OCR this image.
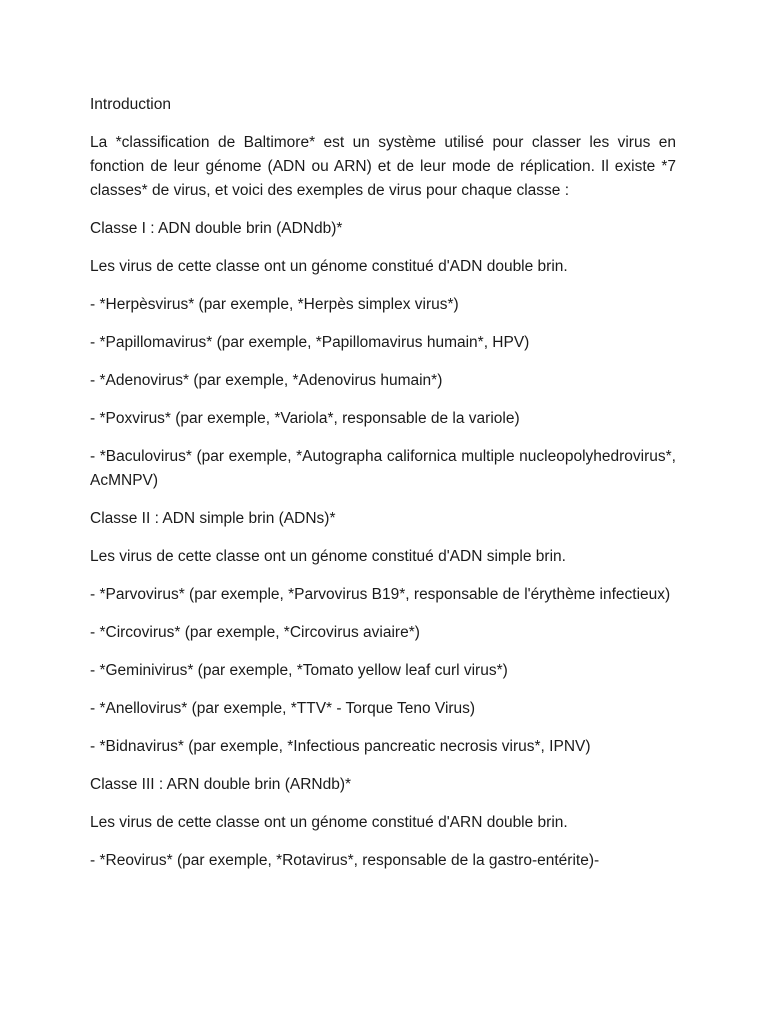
Introduction

La *classification de Baltimore* est un système utilisé pour classer les virus en fonction de leur génome (ADN ou ARN) et de leur mode de réplication. Il existe *7 classes* de virus, et voici des exemples de virus pour chaque classe :

Classe I : ADN double brin (ADNdb)*

Les virus de cette classe ont un génome constitué d'ADN double brin.

- *Herpèsvirus* (par exemple, *Herpès simplex virus*)

- *Papillomavirus* (par exemple, *Papillomavirus humain*, HPV)

- *Adenovirus* (par exemple, *Adenovirus humain*)

- *Poxvirus* (par exemple, *Variola*, responsable de la variole)

- *Baculovirus* (par exemple, *Autographa californica multiple nucleopolyhedrovirus*, AcMNPV)

Classe II : ADN simple brin (ADNs)*

Les virus de cette classe ont un génome constitué d'ADN simple brin.

- *Parvovirus* (par exemple, *Parvovirus B19*, responsable de l'érythème infectieux)

- *Circovirus* (par exemple, *Circovirus aviaire*)

- *Geminivirus* (par exemple, *Tomato yellow leaf curl virus*)

- *Anellovirus* (par exemple, *TTV* - Torque Teno Virus)

- *Bidnavirus* (par exemple, *Infectious pancreatic necrosis virus*, IPNV)

Classe III : ARN double brin (ARNdb)*

Les virus de cette classe ont un génome constitué d'ARN double brin.

- *Reovirus* (par exemple, *Rotavirus*, responsable de la gastro-entérite)-
